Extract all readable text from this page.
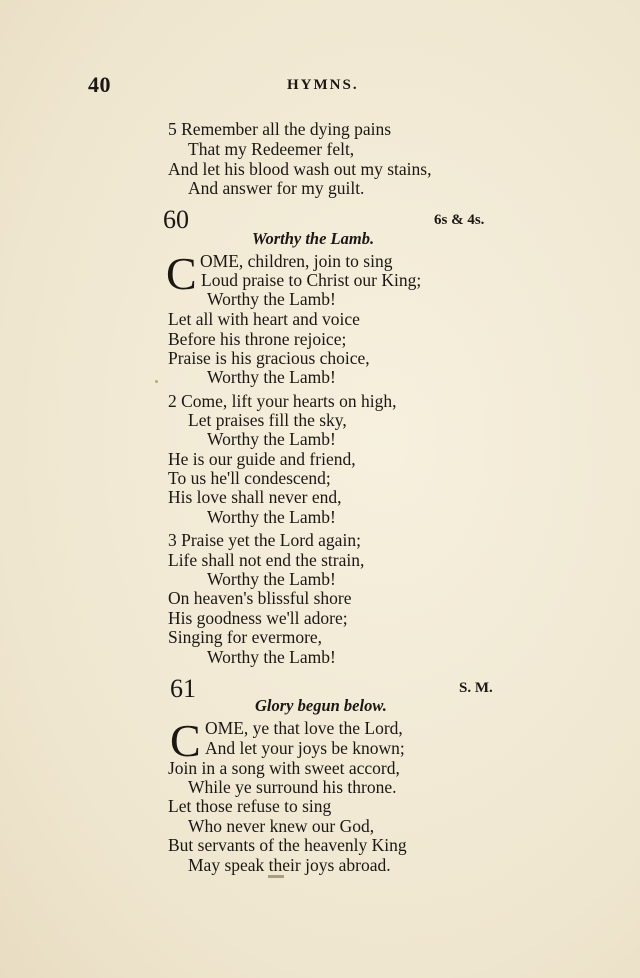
40	HYMNS.
5 Remember all the dying pains
That my Redeemer felt,
And let his blood wash out my stains,
And answer for my guilt.
60	6s & 4s.
Worthy the Lamb.
C OME, children, join to sing
Loud praise to Christ our King;
Worthy the Lamb!
Let all with heart and voice
Before his throne rejoice;
Praise is his gracious choice,
Worthy the Lamb!
2 Come, lift your hearts on high,
Let praises fill the sky,
Worthy the Lamb!
He is our guide and friend,
To us he'll condescend;
His love shall never end,
Worthy the Lamb!
3 Praise yet the Lord again;
Life shall not end the strain,
Worthy the Lamb!
On heaven's blissful shore
His goodness we'll adore;
Singing for evermore,
Worthy the Lamb!
61	S. M.
Glory begun below.
C OME, ye that love the Lord,
And let your joys be known;
Join in a song with sweet accord,
While ye surround his throne.
Let those refuse to sing
Who never knew our God,
But servants of the heavenly King
May speak their joys abroad.
